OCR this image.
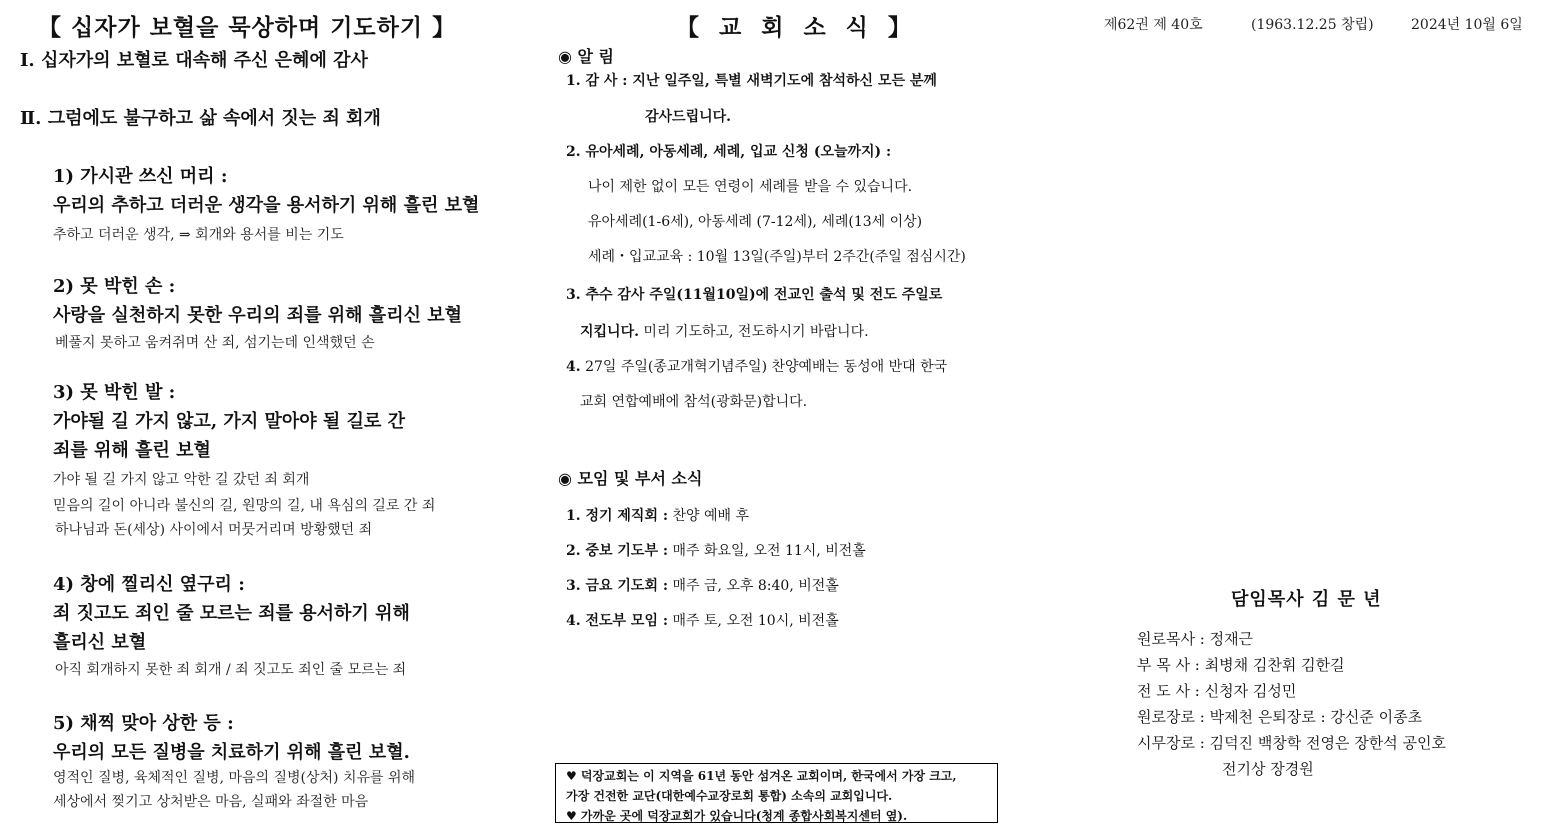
【 십자가 보혈을 묵상하며 기도하기 】
Ⅰ. 십자가의 보혈로 대속해 주신 은혜에 감사
Ⅱ. 그럼에도 불구하고 삶 속에서 짓는 죄 회개
1) 가시관 쓰신 머리 :
우리의 추하고 더러운 생각을 용서하기 위해 흘린 보혈
추하고 더러운 생각, ⇒ 회개와 용서를 비는 기도
2) 못 박힌 손 :
사랑을 실천하지 못한 우리의 죄를 위해 흘리신 보혈
베풀지 못하고 움켜쥐며 산 죄, 섬기는데 인색했던 손
3) 못 박힌 발 :
가야될 길 가지 않고, 가지 말아야 될 길로 간
죄를 위해 흘린 보혈
가야 될 길 가지 않고 악한 길 갔던 죄 회개
믿음의 길이 아니라 불신의 길, 원망의 길, 내 욕심의 길로 간 죄
하나님과 돈(세상) 사이에서 머뭇거리며 방황했던 죄
4) 창에 찔리신 옆구리 :
죄 짓고도 죄인 줄 모르는 죄를 용서하기 위해
흘리신 보혈
아직 회개하지 못한 죄 회개 / 죄 짓고도 죄인 줄 모르는 죄
5) 채찍 맞아 상한 등 :
우리의 모든 질병을 치료하기 위해 흘린 보혈.
영적인 질병, 육체적인 질병, 마음의 질병(상처) 치유를 위해
세상에서 찢기고 상처받은 마음, 실패와 좌절한 마음
【 교 회 소 식 】
◉ 알 림
1. 감 사 : 지난 일주일, 특별 새벽기도에 참석하신 모든 분께
감사드립니다.
2. 유아세례, 아동세례, 세례, 입교 신청 (오늘까지) :
나이 제한 없이 모든 연령이 세례를 받을 수 있습니다.
유아세례(1-6세), 아동세례 (7-12세), 세례(13세 이상)
세례・입교교육 : 10월 13일(주일)부터 2주간(주일 점심시간)
3. 추수 감사 주일(11월10일)에 전교인 출석 및 전도 주일로
지킵니다. 미리 기도하고, 전도하시기 바랍니다.
4. 27일 주일(종교개혁기념주일) 찬양예배는 동성애 반대 한국
교회 연합예배에 참석(광화문)합니다.
◉ 모임 및 부서 소식
1. 정기 제직회 : 찬양 예배 후
2. 중보 기도부 : 매주 화요일, 오전 11시, 비전홀
3. 금요 기도회 : 매주 금, 오후 8:40, 비전홀
4. 전도부 모임 : 매주 토, 오전 10시, 비전홀
♥ 덕장교회는 이 지역을 61년 동안 섬겨온 교회이며, 한국에서 가장 크고,
가장 건전한 교단(대한예수교장로회 통합) 소속의 교회입니다.
♥ 가까운 곳에 덕장교회가 있습니다(청계 종합사회복지센터 옆).
제62권 제 40호	(1963.12.25 창립)	2024년 10월 6일
담임목사 김 문 년
원로목사 : 정재근
부 목 사 : 최병채 김찬휘 김한길
전 도 사 : 신청자 김성민
원로장로 : 박제천 은퇴장로 : 강신준 이종초
시무장로 : 김덕진 백창학 전영은 장한석 공인호
전기상 장경원
